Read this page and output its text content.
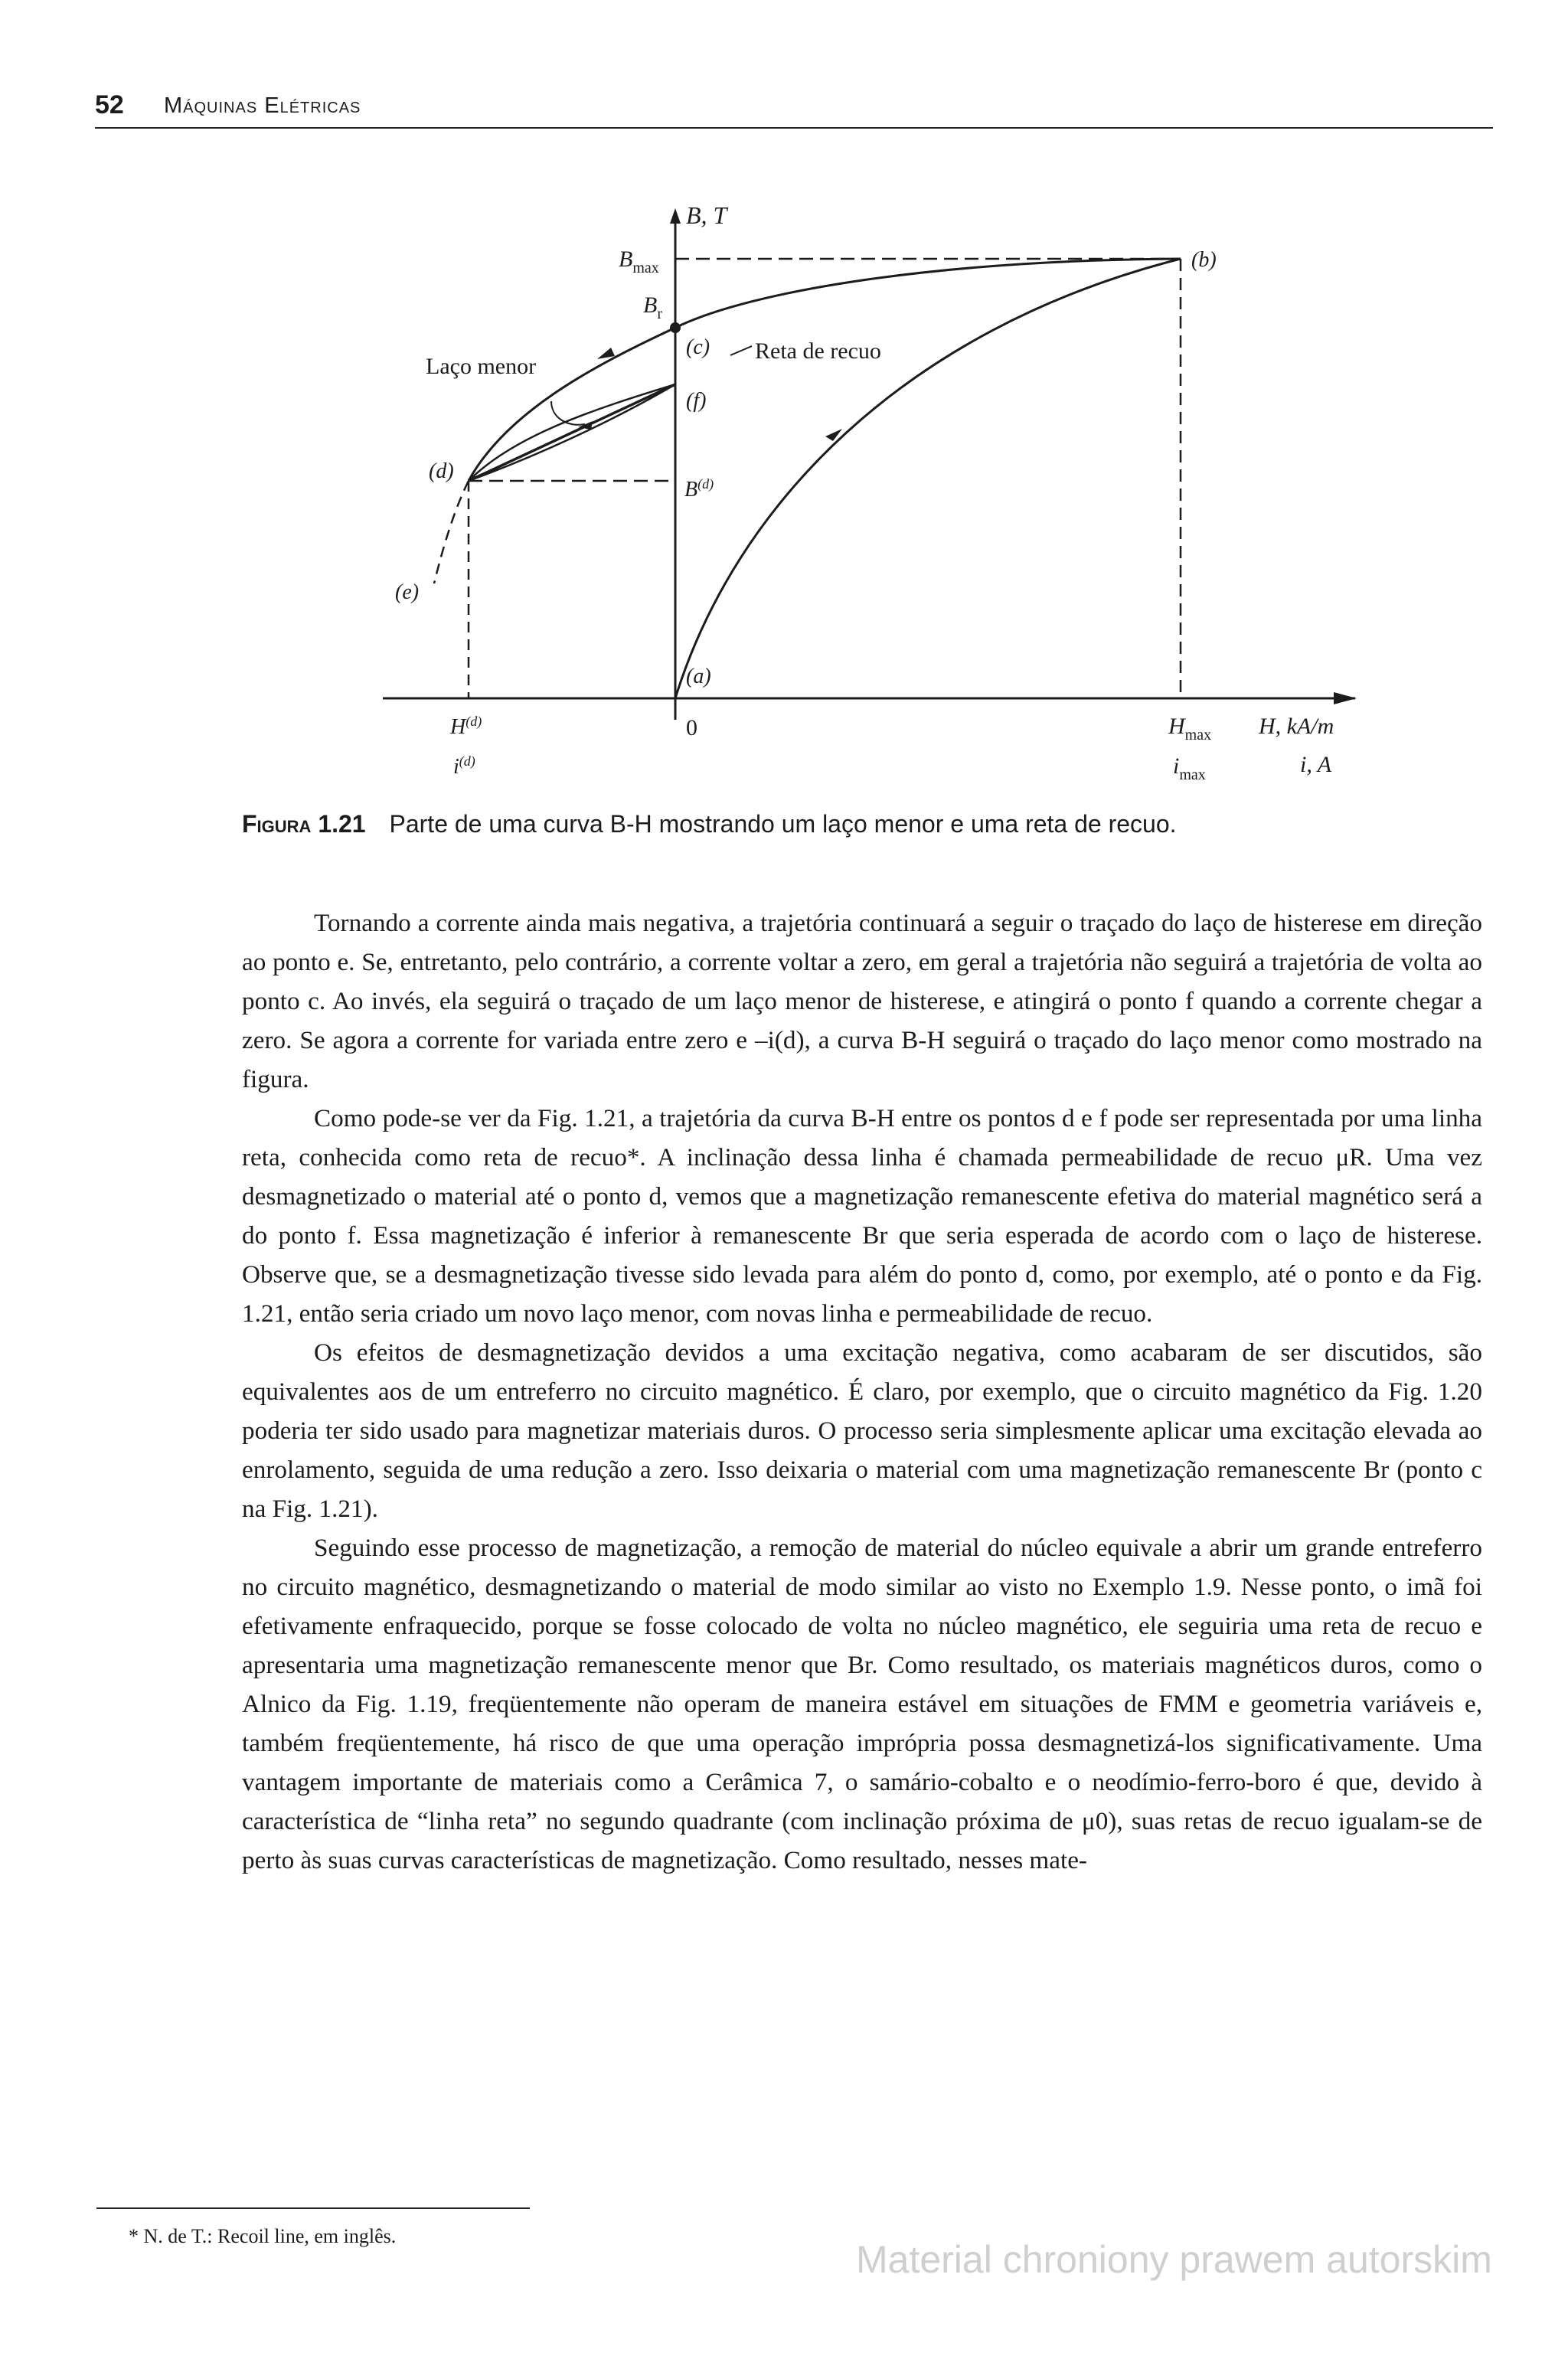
52 Máquinas Elétricas
B, T
$B_{max}$
$B_r$
(b)
(c) Reta de recuo
Laço menor
(f)
(d)
$B^{(d)}$
(e)
(a)
$H^{(d)}$
$i^{(d)}$
0	$H_{max}$
$i_{max}$
H, kA/m
i, A
Figura 1.21 Parte de uma curva B-H mostrando um laço menor e uma reta de recuo.

Tornando a corrente ainda mais negativa, a trajetória continuará a seguir o traçado do laço de histerese em direção ao ponto e. Se, entretanto, pelo contrário, a corrente voltar a zero, em geral a trajetória não seguirá a trajetória de volta ao ponto c. Ao invés, ela seguirá o traçado de um laço menor de histerese, e atingirá o ponto f quando a corrente chegar a zero. Se agora a corrente for variada entre zero e –i(d), a curva B-H seguirá o traçado do laço menor como mostrado na figura.

Como pode-se ver da Fig. 1.21, a trajetória da curva B-H entre os pontos d e f pode ser representada por uma linha reta, conhecida como reta de recuo*. A inclinação dessa linha é chamada permeabilidade de recuo μR. Uma vez desmagnetizado o material até o ponto d, vemos que a magnetização remanescente efetiva do material magnético será a do ponto f. Essa magnetização é inferior à remanescente Br que seria esperada de acordo com o laço de histerese. Observe que, se a desmagnetização tivesse sido levada para além do ponto d, como, por exemplo, até o ponto e da Fig. 1.21, então seria criado um novo laço menor, com novas linha e permeabilidade de recuo.

Os efeitos de desmagnetização devidos a uma excitação negativa, como acabaram de ser discutidos, são equivalentes aos de um entreferro no circuito magnético. É claro, por exemplo, que o circuito magnético da Fig. 1.20 poderia ter sido usado para magnetizar materiais duros. O processo seria simplesmente aplicar uma excitação elevada ao enrolamento, seguida de uma redução a zero. Isso deixaria o material com uma magnetização remanescente Br (ponto c na Fig. 1.21).

Seguindo esse processo de magnetização, a remoção de material do núcleo equivale a abrir um grande entreferro no circuito magnético, desmagnetizando o material de modo similar ao visto no Exemplo 1.9. Nesse ponto, o imã foi efetivamente enfraquecido, porque se fosse colocado de volta no núcleo magnético, ele seguiria uma reta de recuo e apresentaria uma magnetização remanescente menor que Br. Como resultado, os materiais magnéticos duros, como o Alnico da Fig. 1.19, freqüentemente não operam de maneira estável em situações de FMM e geometria variáveis e, também freqüentemente, há risco de que uma operação imprópria possa desmagnetizá-los significativamente. Uma vantagem importante de materiais como a Cerâmica 7, o samário-cobalto e o neodímio-ferro-boro é que, devido à característica de “linha reta” no segundo quadrante (com inclinação próxima de μ0), suas retas de recuo igualam-se de perto às suas curvas características de magnetização. Como resultado, nesses mate-

* N. de T.: Recoil line, em inglês.
Material chroniony prawem autorskim
